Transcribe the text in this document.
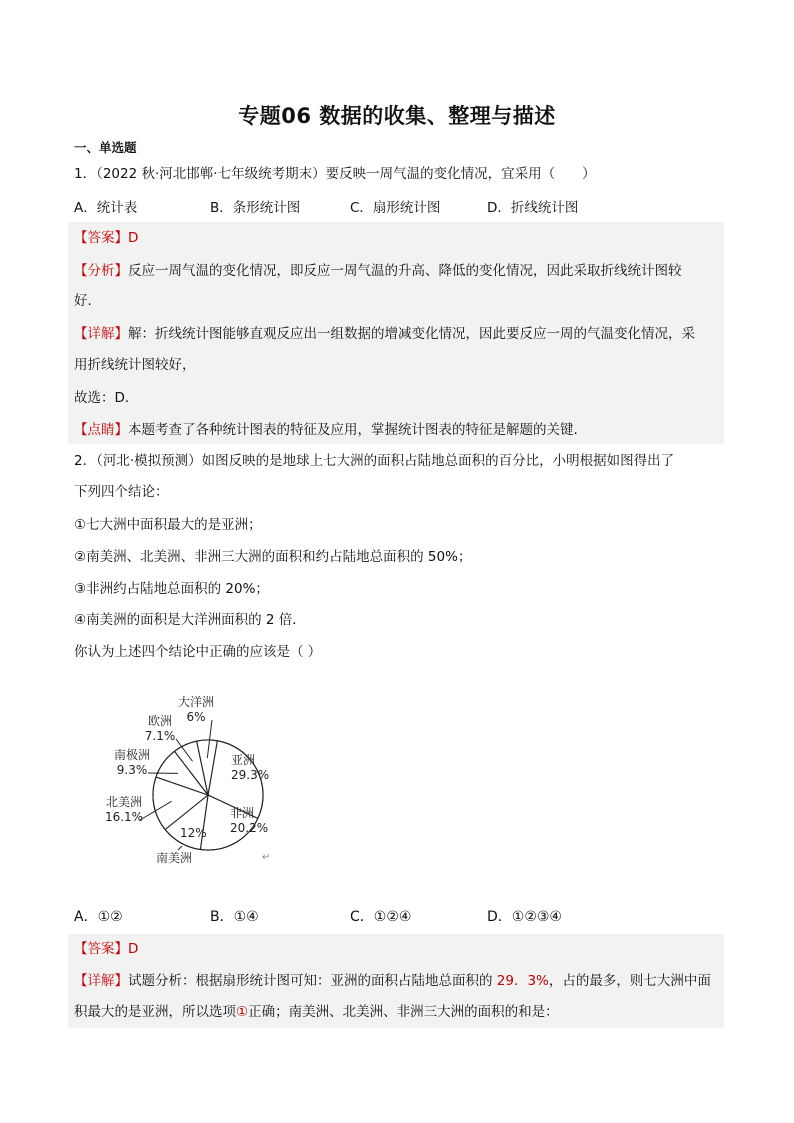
专题06 数据的收集、整理与描述
一、单选题
1．（2022 秋·河北邯郸·七年级统考期末）要反映一周气温的变化情况，宜采用（　　）
A．统计表	B．条形统计图	C．扇形统计图	D．折线统计图
【答案】D
【分析】反应一周气温的变化情况，即反应一周气温的升高、降低的变化情况，因此采取折线统计图较
好．
【详解】解：折线统计图能够直观反应出一组数据的增减变化情况，因此要反应一周的气温变化情况，采
用折线统计图较好，
故选：D．
【点睛】本题考查了各种统计图表的特征及应用，掌握统计图表的特征是解题的关键.
2．（河北·模拟预测）如图反映的是地球上七大洲的面积占陆地总面积的百分比，小明根据如图得出了
下列四个结论：
①七大洲中面积最大的是亚洲；
②南美洲、北美洲、非洲三大洲的面积和约占陆地总面积的 50%；
③非洲约占陆地总面积的 20%；
④南美洲的面积是大洋洲面积的 2 倍．
你认为上述四个结论中正确的应该是（ ）
亚洲
29.3%
非洲
20.2%
南美洲
12%
北美洲
16.1%
南极洲
9.3%
欧洲
7.1%
大洋洲
6%
↵
A．①②	B．①④	C．①②④	D．①②③④
【答案】D
【详解】试题分析：根据扇形统计图可知：亚洲的面积占陆地总面积的 29．3%，占的最多，则七大洲中面
积最大的是亚洲，所以选项①正确；南美洲、北美洲、非洲三大洲的面积的和是：
